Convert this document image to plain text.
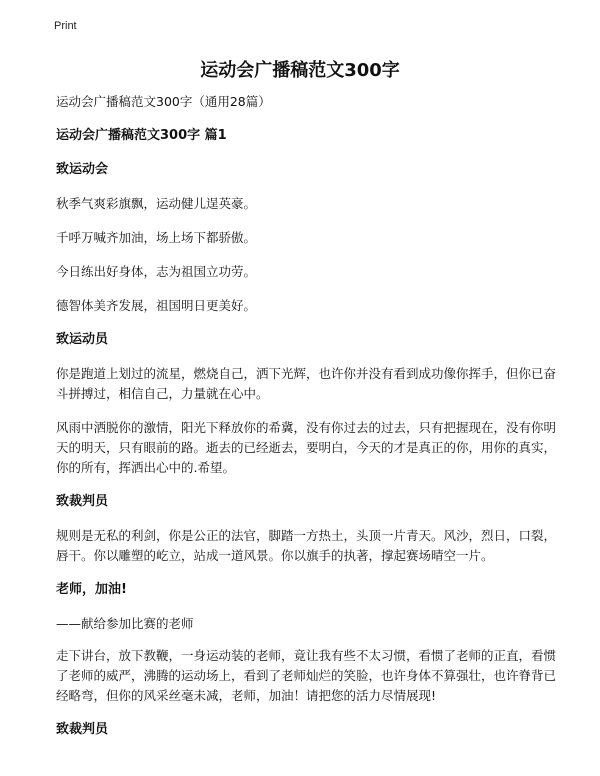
Print
运动会广播稿范文300字
运动会广播稿范文300字（通用28篇）
运动会广播稿范文300字 篇1
致运动会
秋季气爽彩旗飘，运动健儿逞英豪。
千呼万喊齐加油，场上场下都骄傲。
今日练出好身体，志为祖国立功劳。
德智体美齐发展，祖国明日更美好。
致运动员
你是跑道上划过的流星，燃烧自己，洒下光辉，也许你并没有看到成功像你挥手，但你已奋斗拼搏过，相信自己，力量就在心中。
风雨中洒脱你的激情，阳光下释放你的希冀，没有你过去的过去，只有把握现在，没有你明天的明天，只有眼前的路。逝去的已经逝去，要明白，今天的才是真正的你，用你的真实，你的所有，挥洒出心中的.希望。
致裁判员
规则是无私的利剑，你是公正的法官，脚踏一方热土，头顶一片青天。风沙，烈日，口裂，唇干。你以雕塑的屹立，站成一道风景。你以旗手的执著，撑起赛场晴空一片。
老师，加油!
——献给参加比赛的老师
走下讲台，放下教鞭，一身运动装的老师，竟让我有些不太习惯，看惯了老师的正直，看惯了老师的威严，沸腾的运动场上，看到了老师灿烂的笑脸，也许身体不算强壮，也许脊背已经略弯，但你的风采丝毫未减，老师，加油！请把您的活力尽情展现!
致裁判员
